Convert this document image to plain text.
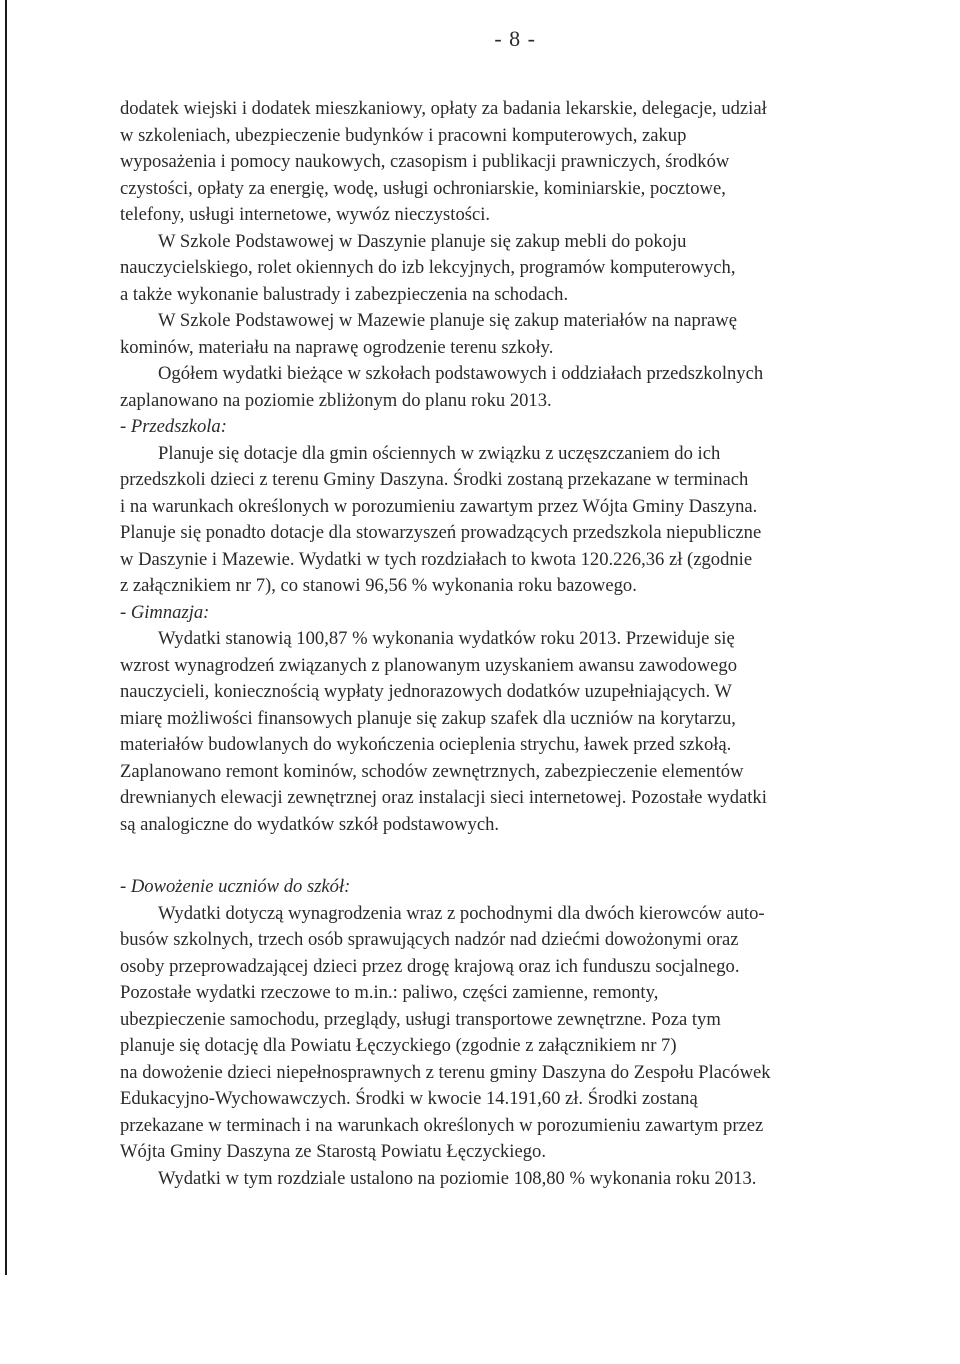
- 8 -

dodatek wiejski i dodatek mieszkaniowy, opłaty za badania lekarskie, delegacje, udział
w szkoleniach, ubezpieczenie budynków i pracowni komputerowych, zakup
wyposażenia i pomocy naukowych, czasopism i publikacji prawniczych, środków
czystości, opłaty za energię, wodę, usługi ochroniarskie, kominiarskie, pocztowe,
telefony, usługi internetowe, wywóz nieczystości.

W Szkole Podstawowej w Daszynie planuje się zakup mebli do pokoju
nauczycielskiego, rolet okiennych do izb lekcyjnych, programów komputerowych,
a także wykonanie balustrady i zabezpieczenia na schodach.

W Szkole Podstawowej w Mazewie planuje się zakup materiałów na naprawę
kominów, materiału na naprawę ogrodzenie terenu szkoły.

Ogółem wydatki bieżące w szkołach podstawowych i oddziałach przedszkolnych
zaplanowano na poziomie zbliżonym do planu roku 2013.

- Przedszkola:

Planuje się dotacje dla gmin ościennych w związku z uczęszczaniem do ich
przedszkoli dzieci z terenu Gminy Daszyna. Środki zostaną przekazane w terminach
i na warunkach określonych w porozumieniu zawartym przez Wójta Gminy Daszyna.
Planuje się ponadto dotacje dla stowarzyszeń prowadzących przedszkola niepubliczne
w Daszynie i Mazewie. Wydatki w tych rozdziałach to kwota 120.226,36 zł (zgodnie
z załącznikiem nr 7), co stanowi 96,56 % wykonania roku bazowego.

- Gimnazja:

Wydatki stanowią 100,87 % wykonania wydatków roku 2013. Przewiduje się
wzrost wynagrodzeń związanych z planowanym uzyskaniem awansu zawodowego
nauczycieli, koniecznością wypłaty jednorazowych dodatków uzupełniających. W
miarę możliwości finansowych planuje się zakup szafek dla uczniów na korytarzu,
materiałów budowlanych do wykończenia ocieplenia strychu, ławek przed szkołą.
Zaplanowano remont kominów, schodów zewnętrznych, zabezpieczenie elementów
drewnianych elewacji zewnętrznej oraz instalacji sieci internetowej. Pozostałe wydatki
są analogiczne do wydatków szkół podstawowych.

- Dowożenie uczniów do szkół:

Wydatki dotyczą wynagrodzenia wraz z pochodnymi dla dwóch kierowców auto-
busów szkolnych, trzech osób sprawujących nadzór nad dziećmi dowożonymi oraz
osoby przeprowadzającej dzieci przez drogę krajową oraz ich funduszu socjalnego.
Pozostałe wydatki rzeczowe to m.in.: paliwo, części zamienne, remonty,
ubezpieczenie samochodu, przeglądy, usługi transportowe zewnętrzne. Poza tym
planuje się dotację dla Powiatu Łęczyckiego (zgodnie z załącznikiem nr 7)
na dowożenie dzieci niepełnosprawnych z terenu gminy Daszyna do Zespołu Placówek
Edukacyjno-Wychowawczych. Środki w kwocie 14.191,60 zł. Środki zostaną
przekazane w terminach i na warunkach określonych w porozumieniu zawartym przez
Wójta Gminy Daszyna ze Starostą Powiatu Łęczyckiego.

Wydatki w tym rozdziale ustalono na poziomie 108,80 % wykonania roku 2013.
